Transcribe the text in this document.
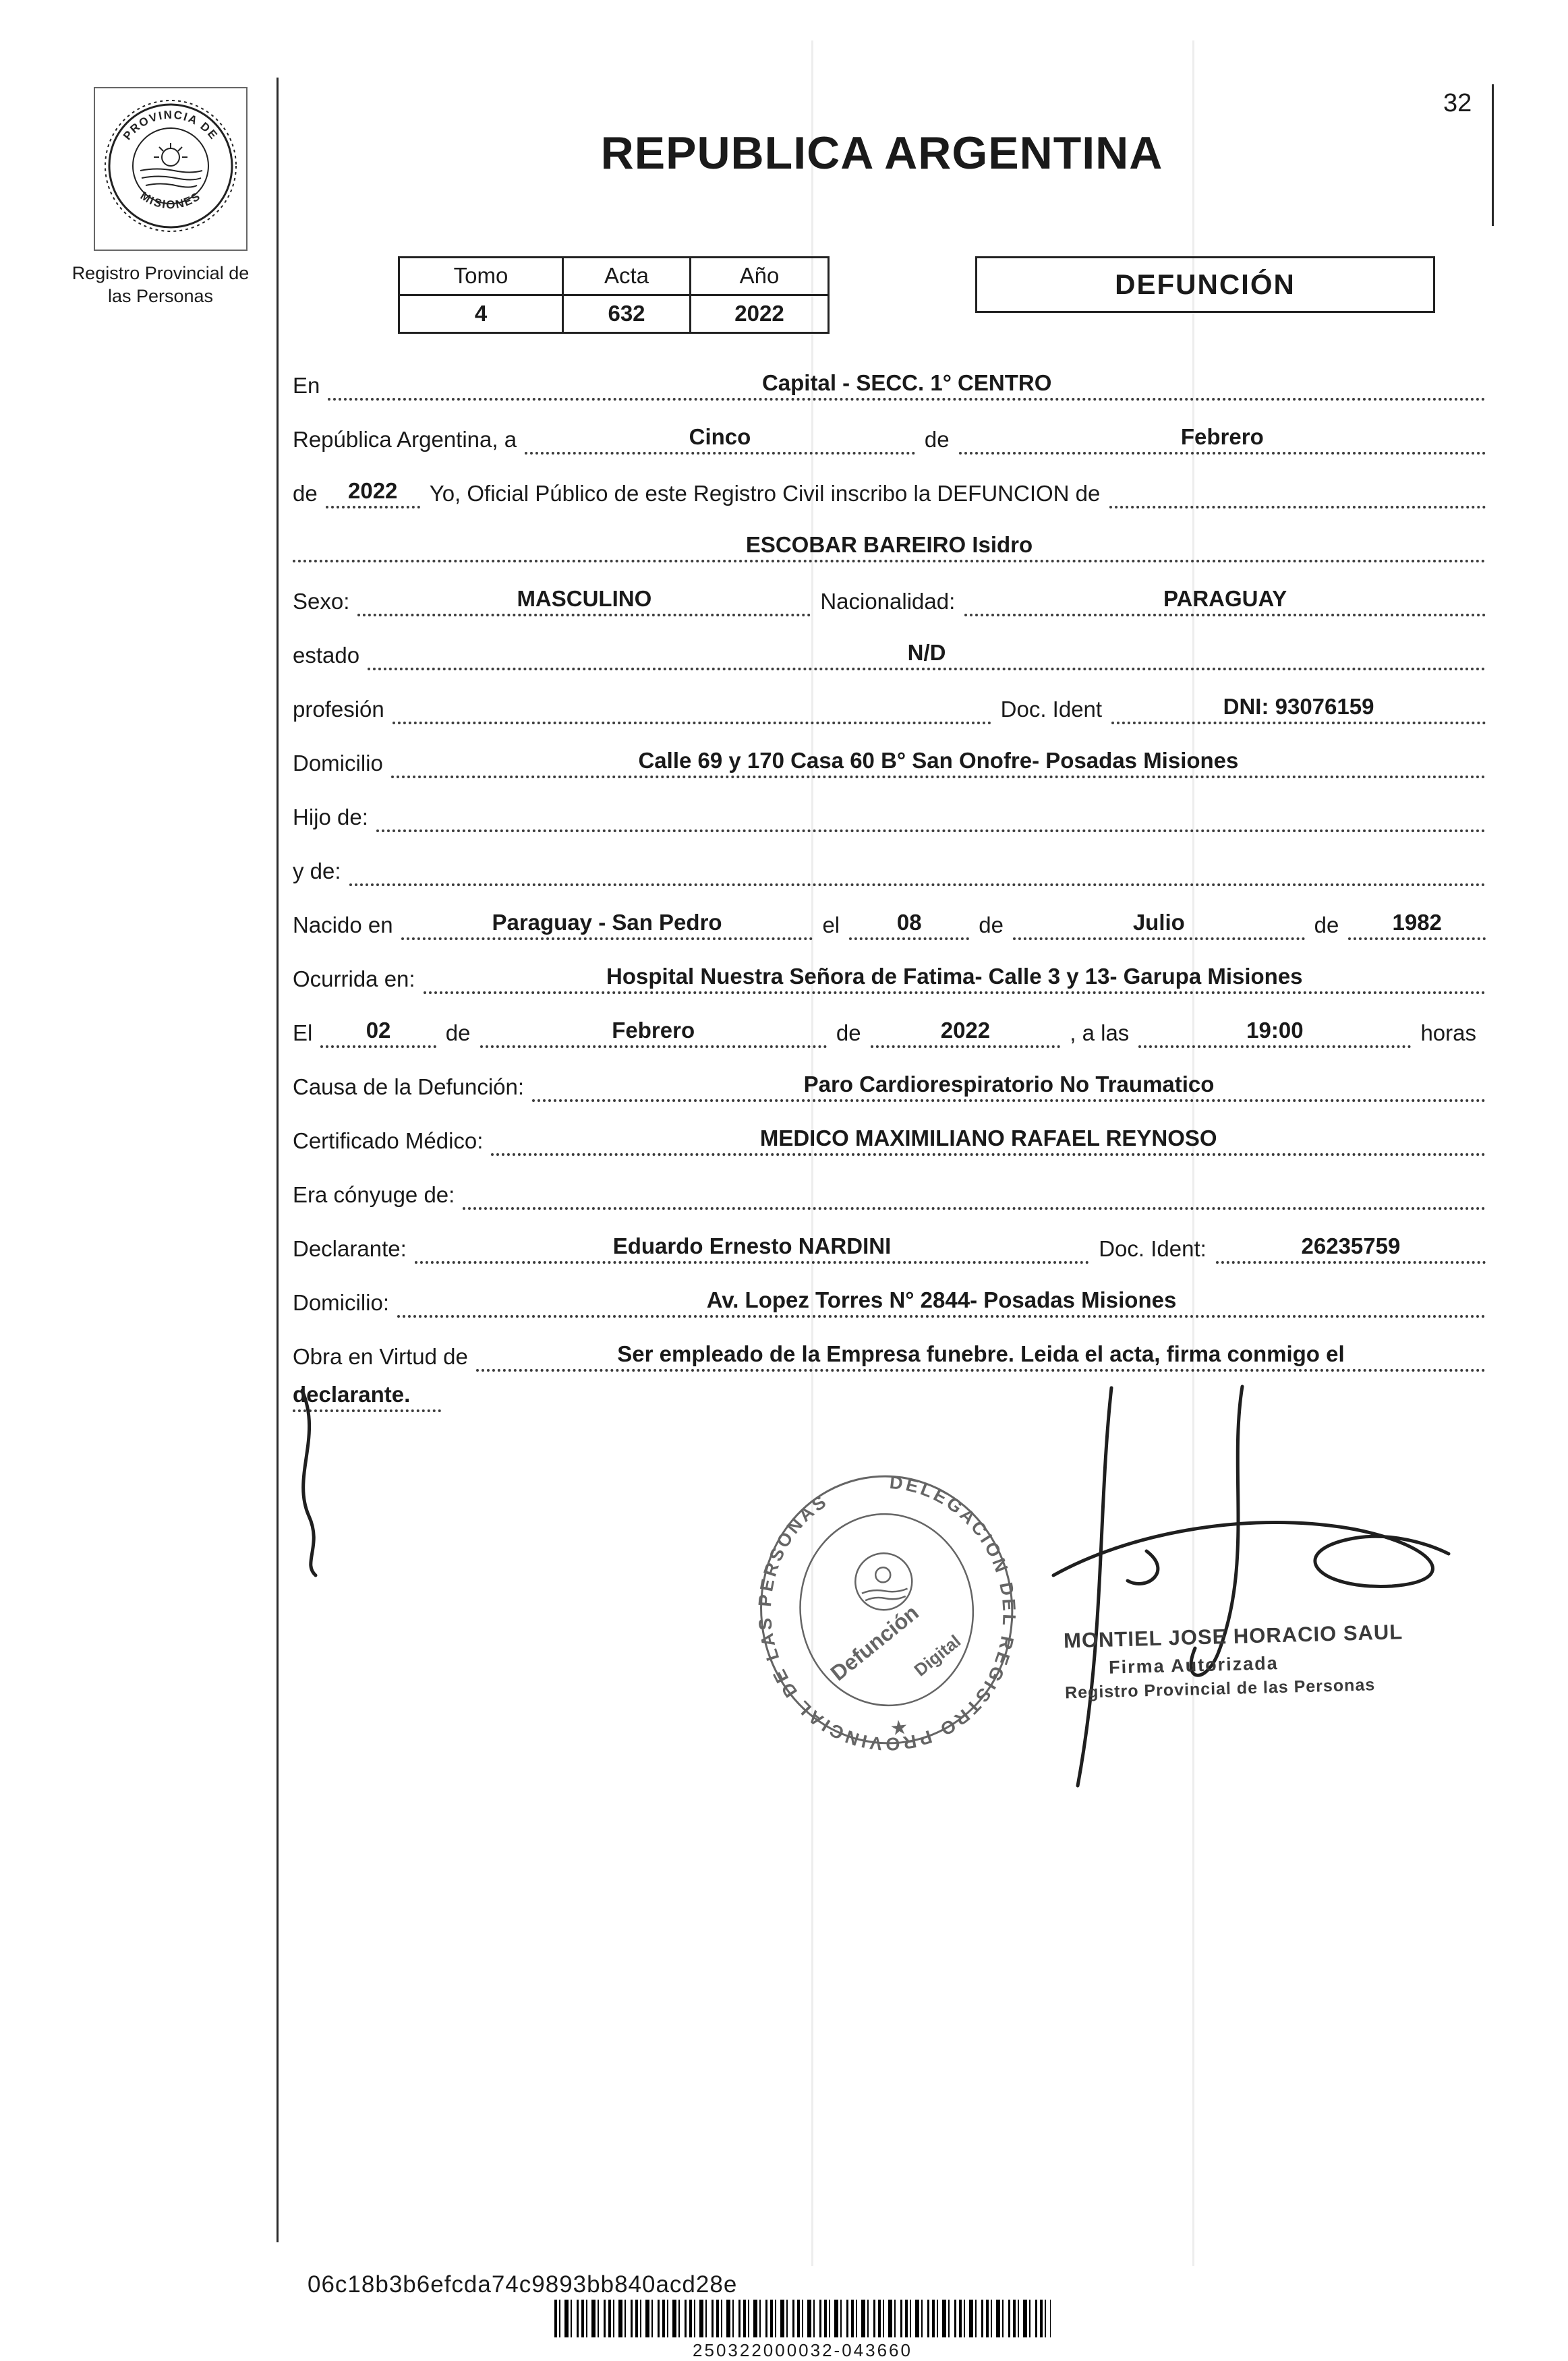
32
PROVINCIA DE
MISIONES
Registro Provincial de
las Personas
REPUBLICA ARGENTINA
Tomo	Acta	Año
4	632	2022
DEFUNCIÓN
En	Capital - SECC. 1° CENTRO
República Argentina, a	Cinco	de	Febrero
de	2022	Yo, Oficial Público de este Registro Civil inscribo la DEFUNCION de
ESCOBAR BAREIRO Isidro
Sexo:	MASCULINO	Nacionalidad:	PARAGUAY
estado	N/D
profesión	Doc. Ident	DNI: 93076159
Domicilio	Calle 69 y 170 Casa 60 B° San Onofre- Posadas Misiones
Hijo de:
y de:
Nacido en	Paraguay - San Pedro	el	08	de	Julio	de	1982
Ocurrida en:	Hospital Nuestra Señora de Fatima- Calle 3 y 13- Garupa Misiones
El	02	de	Febrero	de	2022	, a las	19:00	horas
Causa de la Defunción:	Paro Cardiorespiratorio No Traumatico
Certificado Médico:	MEDICO MAXIMILIANO RAFAEL REYNOSO
Era cónyuge de:
Declarante:	Eduardo Ernesto NARDINI	Doc. Ident:	26235759
Domicilio:	Av. Lopez Torres N° 2844- Posadas Misiones
Obra en Virtud de	Ser empleado de la Empresa funebre. Leida el acta, firma conmigo el
declarante.
DELEGACION DEL REGISTRO PROVINCIAL DE LAS PERSONAS
Defunción
Digital
★
MONTIEL JOSE HORACIO SAUL
Firma Autorizada
Registro Provincial de las Personas
06c18b3b6efcda74c9893bb840acd28e
250322000032-043660
